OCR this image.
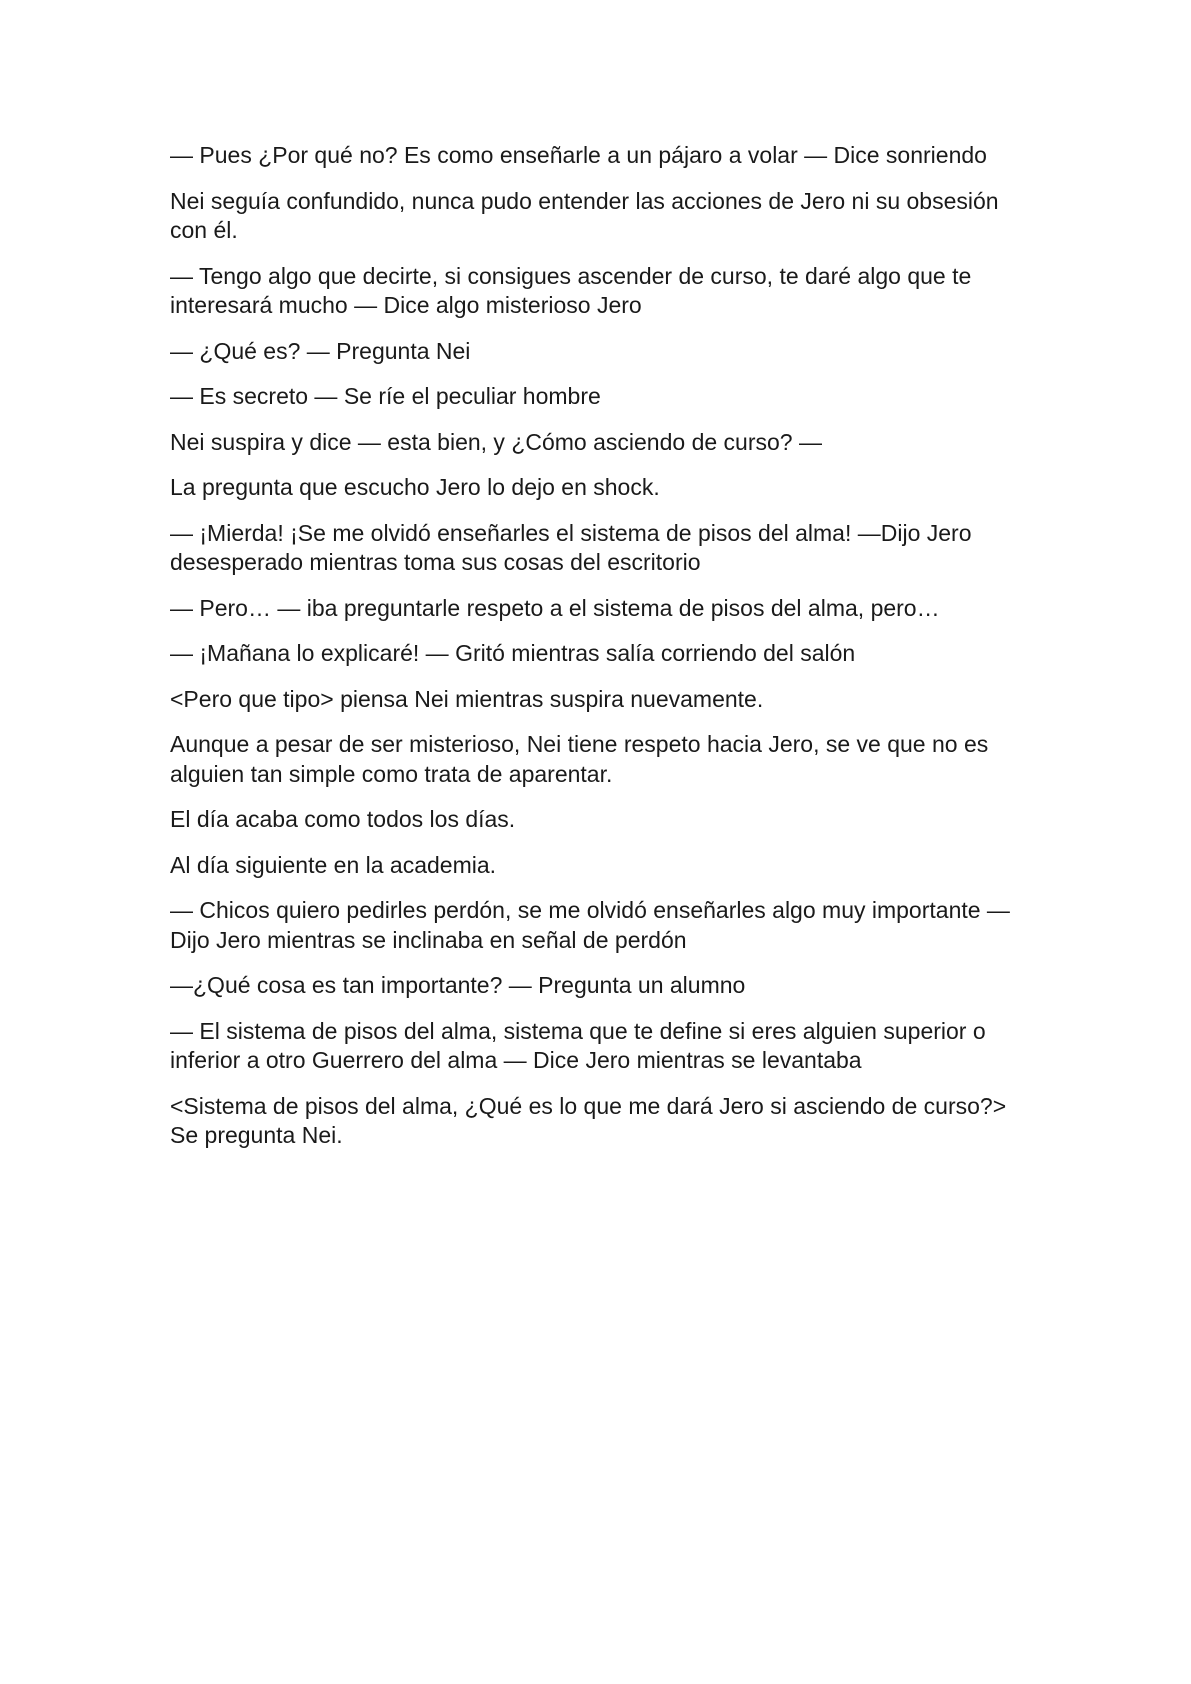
— Pues ¿Por qué no? Es como enseñarle a un pájaro a volar — Dice sonriendo

Nei seguía confundido, nunca pudo entender las acciones de Jero ni su obsesión con él.

— Tengo algo que decirte, si consigues ascender de curso, te daré algo que te interesará mucho — Dice algo misterioso Jero

— ¿Qué es? — Pregunta Nei

— Es secreto — Se ríe el peculiar hombre

Nei suspira y dice — esta bien, y ¿Cómo asciendo de curso? —

La pregunta que escucho Jero lo dejo en shock.

— ¡Mierda! ¡Se me olvidó enseñarles el sistema de pisos del alma! —Dijo Jero desesperado mientras toma sus cosas del escritorio

— Pero… — iba preguntarle respeto a el sistema de pisos del alma, pero…

— ¡Mañana lo explicaré! — Gritó mientras salía corriendo del salón

<Pero que tipo> piensa Nei mientras suspira nuevamente.

Aunque a pesar de ser misterioso, Nei tiene respeto hacia Jero, se ve que no es alguien tan simple como trata de aparentar.

El día acaba como todos los días.

Al día siguiente en la academia.

— Chicos quiero pedirles perdón, se me olvidó enseñarles algo muy importante — Dijo Jero mientras se inclinaba en señal de perdón

—¿Qué cosa es tan importante? — Pregunta un alumno

— El sistema de pisos del alma, sistema que te define si eres alguien superior o inferior a otro Guerrero del alma — Dice Jero mientras se levantaba

<Sistema de pisos del alma, ¿Qué es lo que me dará Jero si asciendo de curso?> Se pregunta Nei.
